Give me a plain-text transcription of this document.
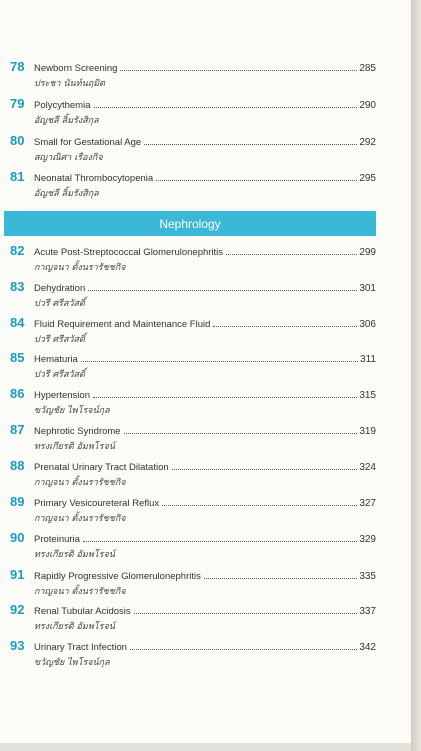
78	Newborn Screening	285
ประชา นันท์นฤมิต
79	Polycythemia	290
อัญชลี ลิ้มรังสิกุล
80	Small for Gestational Age	292
สญาณิศา เรืองกิจ
81	Neonatal Thrombocytopenia	295
อัญชลี ลิ้มรังสิกุล
Nephrology
82	Acute Post-Streptococcal Glomerulonephritis	299
กาญจนา ตั้งนรารัชชกิจ
83	Dehydration	301
ปวรี ศรีสวัสดิ์
84	Fluid Requirement and Maintenance Fluid	306
ปวรี ศรีสวัสดิ์
85	Hematuria	311
ปวรี ศรีสวัสดิ์
86	Hypertension	315
ขวัญชัย ไพโรจน์กุล
87	Nephrotic Syndrome	319
ทรงเกียรติ อัมพโรจน์
88	Prenatal Urinary Tract Dilatation	324
กาญจนา ตั้งนรารัชชกิจ
89	Primary Vesicoureteral Reflux	327
กาญจนา ตั้งนรารัชชกิจ
90	Proteinuria	329
ทรงเกียรติ อัมพโรจน์
91	Rapidly Progressive Glomerulonephritis	335
กาญจนา ตั้งนรารัชชกิจ
92	Renal Tubular Acidosis	337
ทรงเกียรติ อัมพโรจน์
93	Urinary Tract Infection	342
ขวัญชัย ไพโรจน์กุล
